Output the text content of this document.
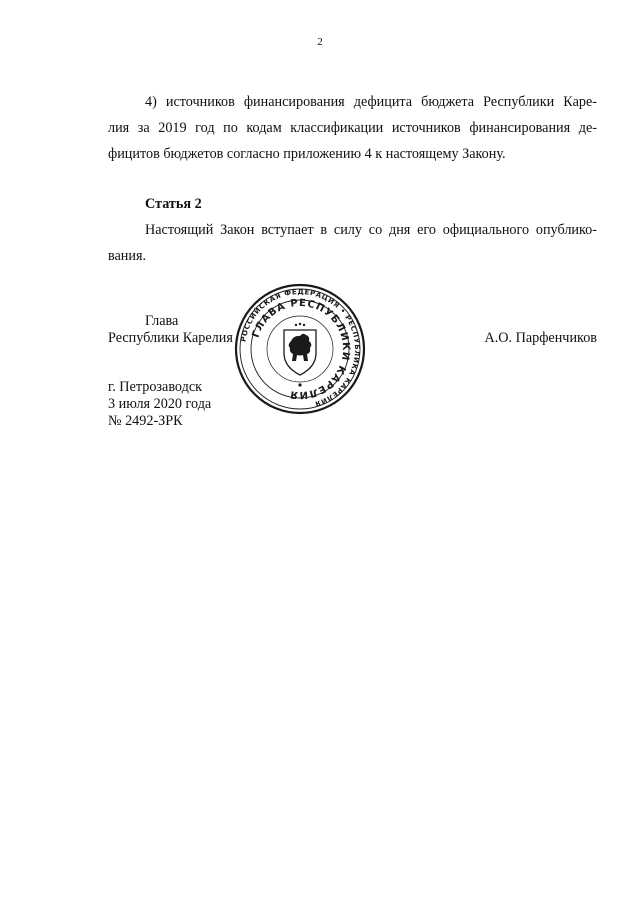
2
4) источников финансирования дефицита бюджета Республики Каре-
лия за 2019 год по кодам классификации источников финансирования де-
фицитов бюджетов согласно приложению 4 к настоящему Закону.
Статья 2
Настоящий Закон вступает в силу со дня его официального опублико-
вания.
Глава
Республики Карелия	А.О. Парфенчиков
РОССИЙСКАЯ ФЕДЕРАЦИЯ • РЕСПУБЛИКА КАРЕЛИЯ
ГЛАВА РЕСПУБЛИКИ КАРЕЛИЯ
г. Петрозаводск
3 июля 2020 года
№ 2492-ЗРК
